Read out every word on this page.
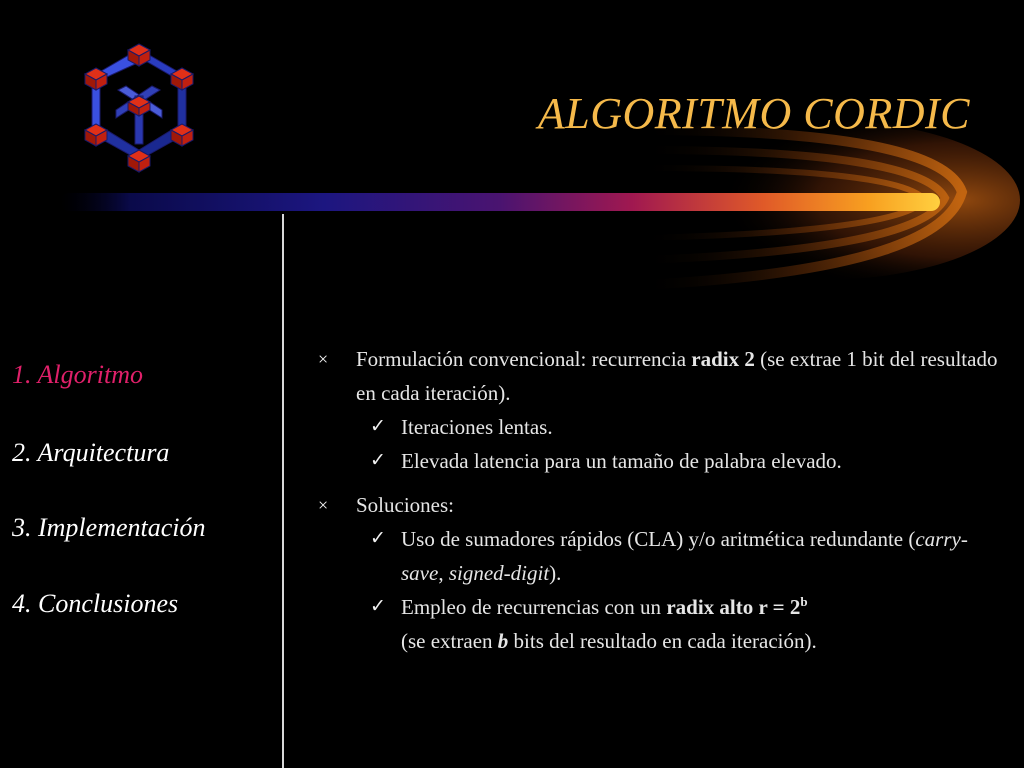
ALGORITMO CORDIC
1. Algoritmo
2. Arquitectura
3. Implementación
4. Conclusiones
× Formulación convencional: recurrencia radix 2 (se extrae 1 bit del resultado en cada iteración).
✓ Iteraciones lentas.
✓ Elevada latencia para un tamaño de palabra elevado.
× Soluciones:
✓ Uso de sumadores rápidos (CLA) y/o aritmética redundante (carry-save, signed-digit).
✓ Empleo de recurrencias con un radix alto $r = 2^b$
(se extraen b bits del resultado en cada iteración).
